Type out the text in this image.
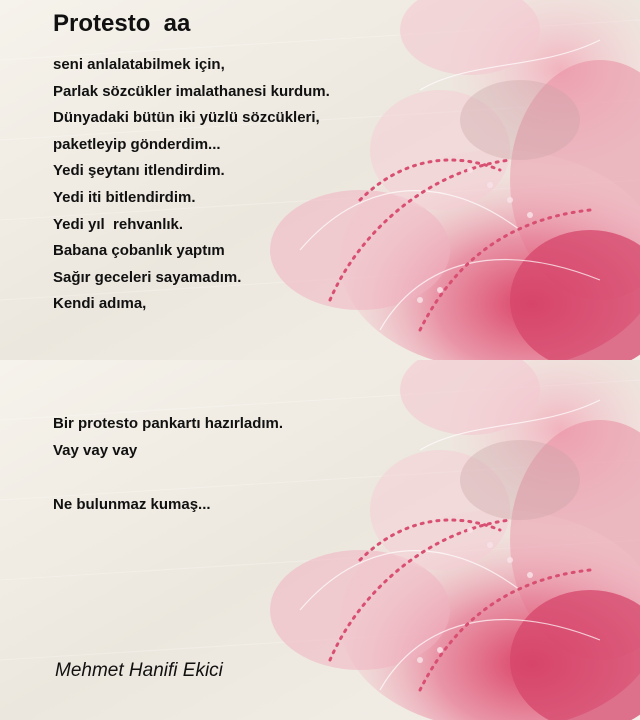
Protesto  aa
seni anlalatabilmek için,
Parlak sözcükler imalathanesi kurdum.
Dünyadaki bütün iki yüzlü sözcükleri,
paketleyip gönderdim...
Yedi şeytanı itlendirdim.
Yedi iti bitlendirdim.
Yedi yıl  rehvanlık.
Babana çobanlık yaptım
Sağır geceleri sayamadım.
Kendi adıma,
Bir protesto pankartı hazırladım.
Vay vay vay
Ne bulunmaz kumaş...

Mehmet Hanifi Ekici
